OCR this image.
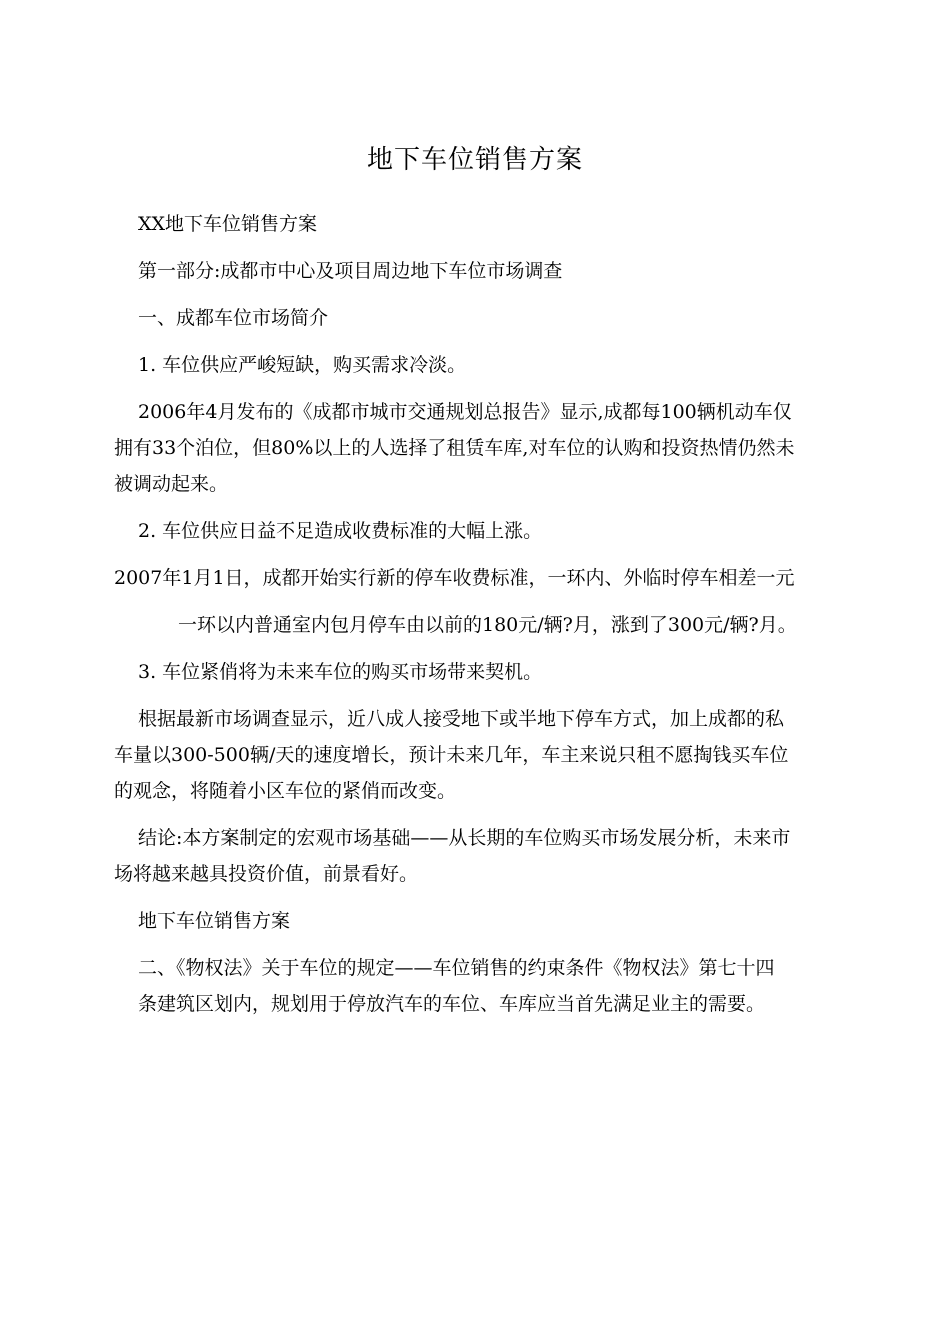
地下车位销售方案

XX地下车位销售方案

第一部分:成都市中心及项目周边地下车位市场调查

一、成都车位市场简介

1. 车位供应严峻短缺，购买需求冷淡。

2006年4月发布的《成都市城市交通规划总报告》显示,成都每100辆机动车仅
拥有33个泊位，但80%以上的人选择了租赁车库,对车位的认购和投资热情仍然未
被调动起来。

2. 车位供应日益不足造成收费标准的大幅上涨。

2007年1月1日，成都开始实行新的停车收费标准，一环内、外临时停车相差一元

一环以内普通室内包月停车由以前的180元/辆?月，涨到了300元/辆?月。

3. 车位紧俏将为未来车位的购买市场带来契机。

根据最新市场调查显示，近八成人接受地下或半地下停车方式，加上成都的私
车量以300-500辆/天的速度增长，预计未来几年，车主来说只租不愿掏钱买车位
的观念，将随着小区车位的紧俏而改变。

结论:本方案制定的宏观市场基础——从长期的车位购买市场发展分析，未来市
场将越来越具投资价值，前景看好。

地下车位销售方案

二、《物权法》关于车位的规定——车位销售的约束条件《物权法》第七十四
条建筑区划内，规划用于停放汽车的车位、车库应当首先满足业主的需要。
